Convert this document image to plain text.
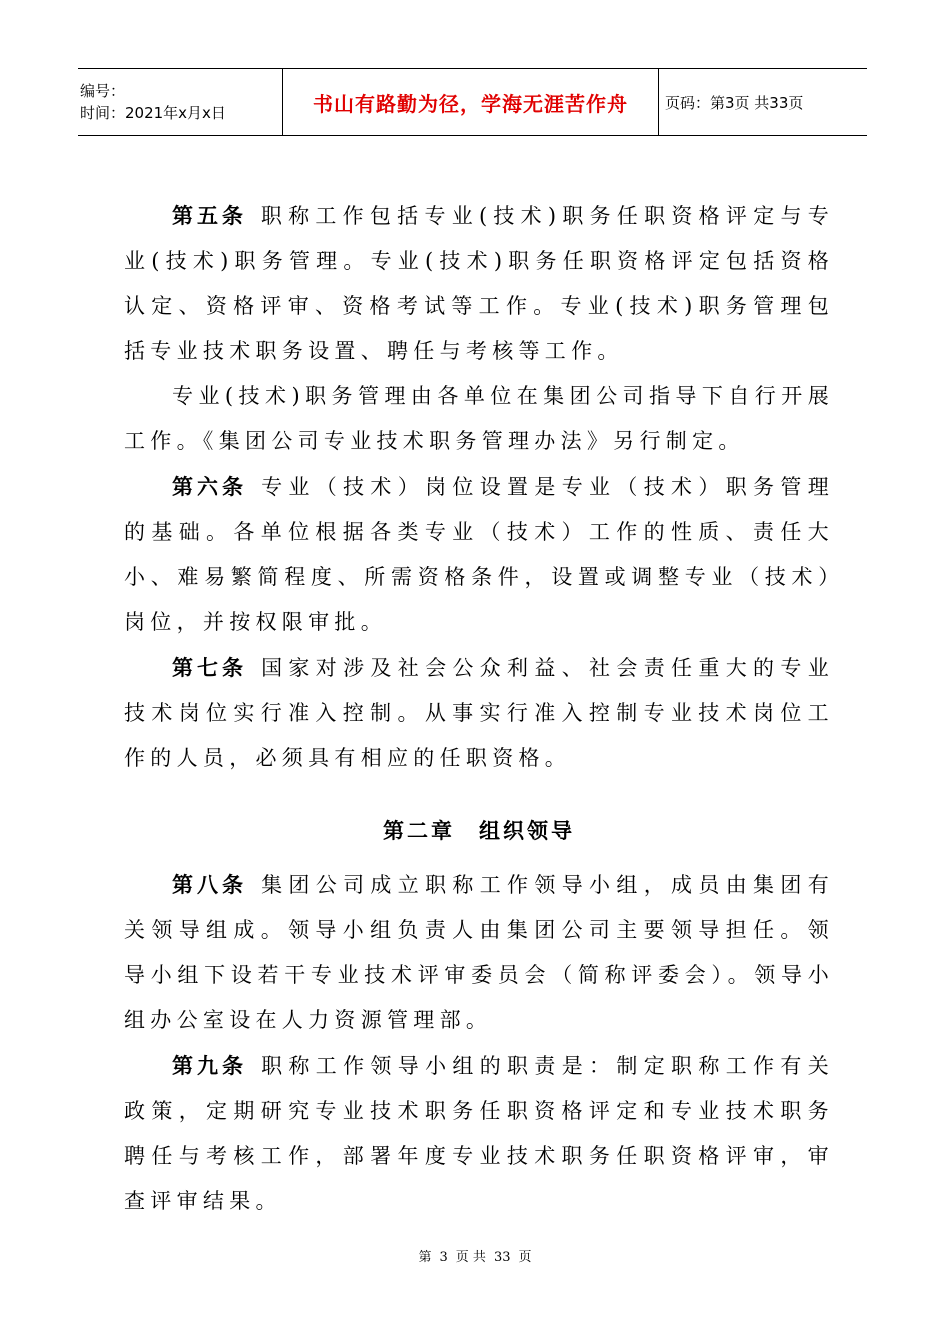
编号：
时间：2021年x月x日	书山有路勤为径，学海无涯苦作舟	页码：第3页 共33页

第五条 职称工作包括专业(技术)职务任职资格评定与专业(技术)职务管理。专业(技术)职务任职资格评定包括资格认定、资格评审、资格考试等工作。专业(技术)职务管理包括专业技术职务设置、聘任与考核等工作。

专业(技术)职务管理由各单位在集团公司指导下自行开展工作。《集团公司专业技术职务管理办法》另行制定。

第六条 专业（技术）岗位设置是专业（技术）职务管理的基础。各单位根据各类专业（技术）工作的性质、责任大小、难易繁简程度、所需资格条件，设置或调整专业（技术）岗位，并按权限审批。

第七条 国家对涉及社会公众利益、社会责任重大的专业技术岗位实行准入控制。从事实行准入控制专业技术岗位工作的人员，必须具有相应的任职资格。

第二章 组织领导

第八条 集团公司成立职称工作领导小组，成员由集团有关领导组成。领导小组负责人由集团公司主要领导担任。领导小组下设若干专业技术评审委员会（简称评委会）。领导小组办公室设在人力资源管理部。

第九条 职称工作领导小组的职责是：制定职称工作有关政策，定期研究专业技术职务任职资格评定和专业技术职务聘任与考核工作，部署年度专业技术职务任职资格评审，审查评审结果。

第 3 页 共 33 页
